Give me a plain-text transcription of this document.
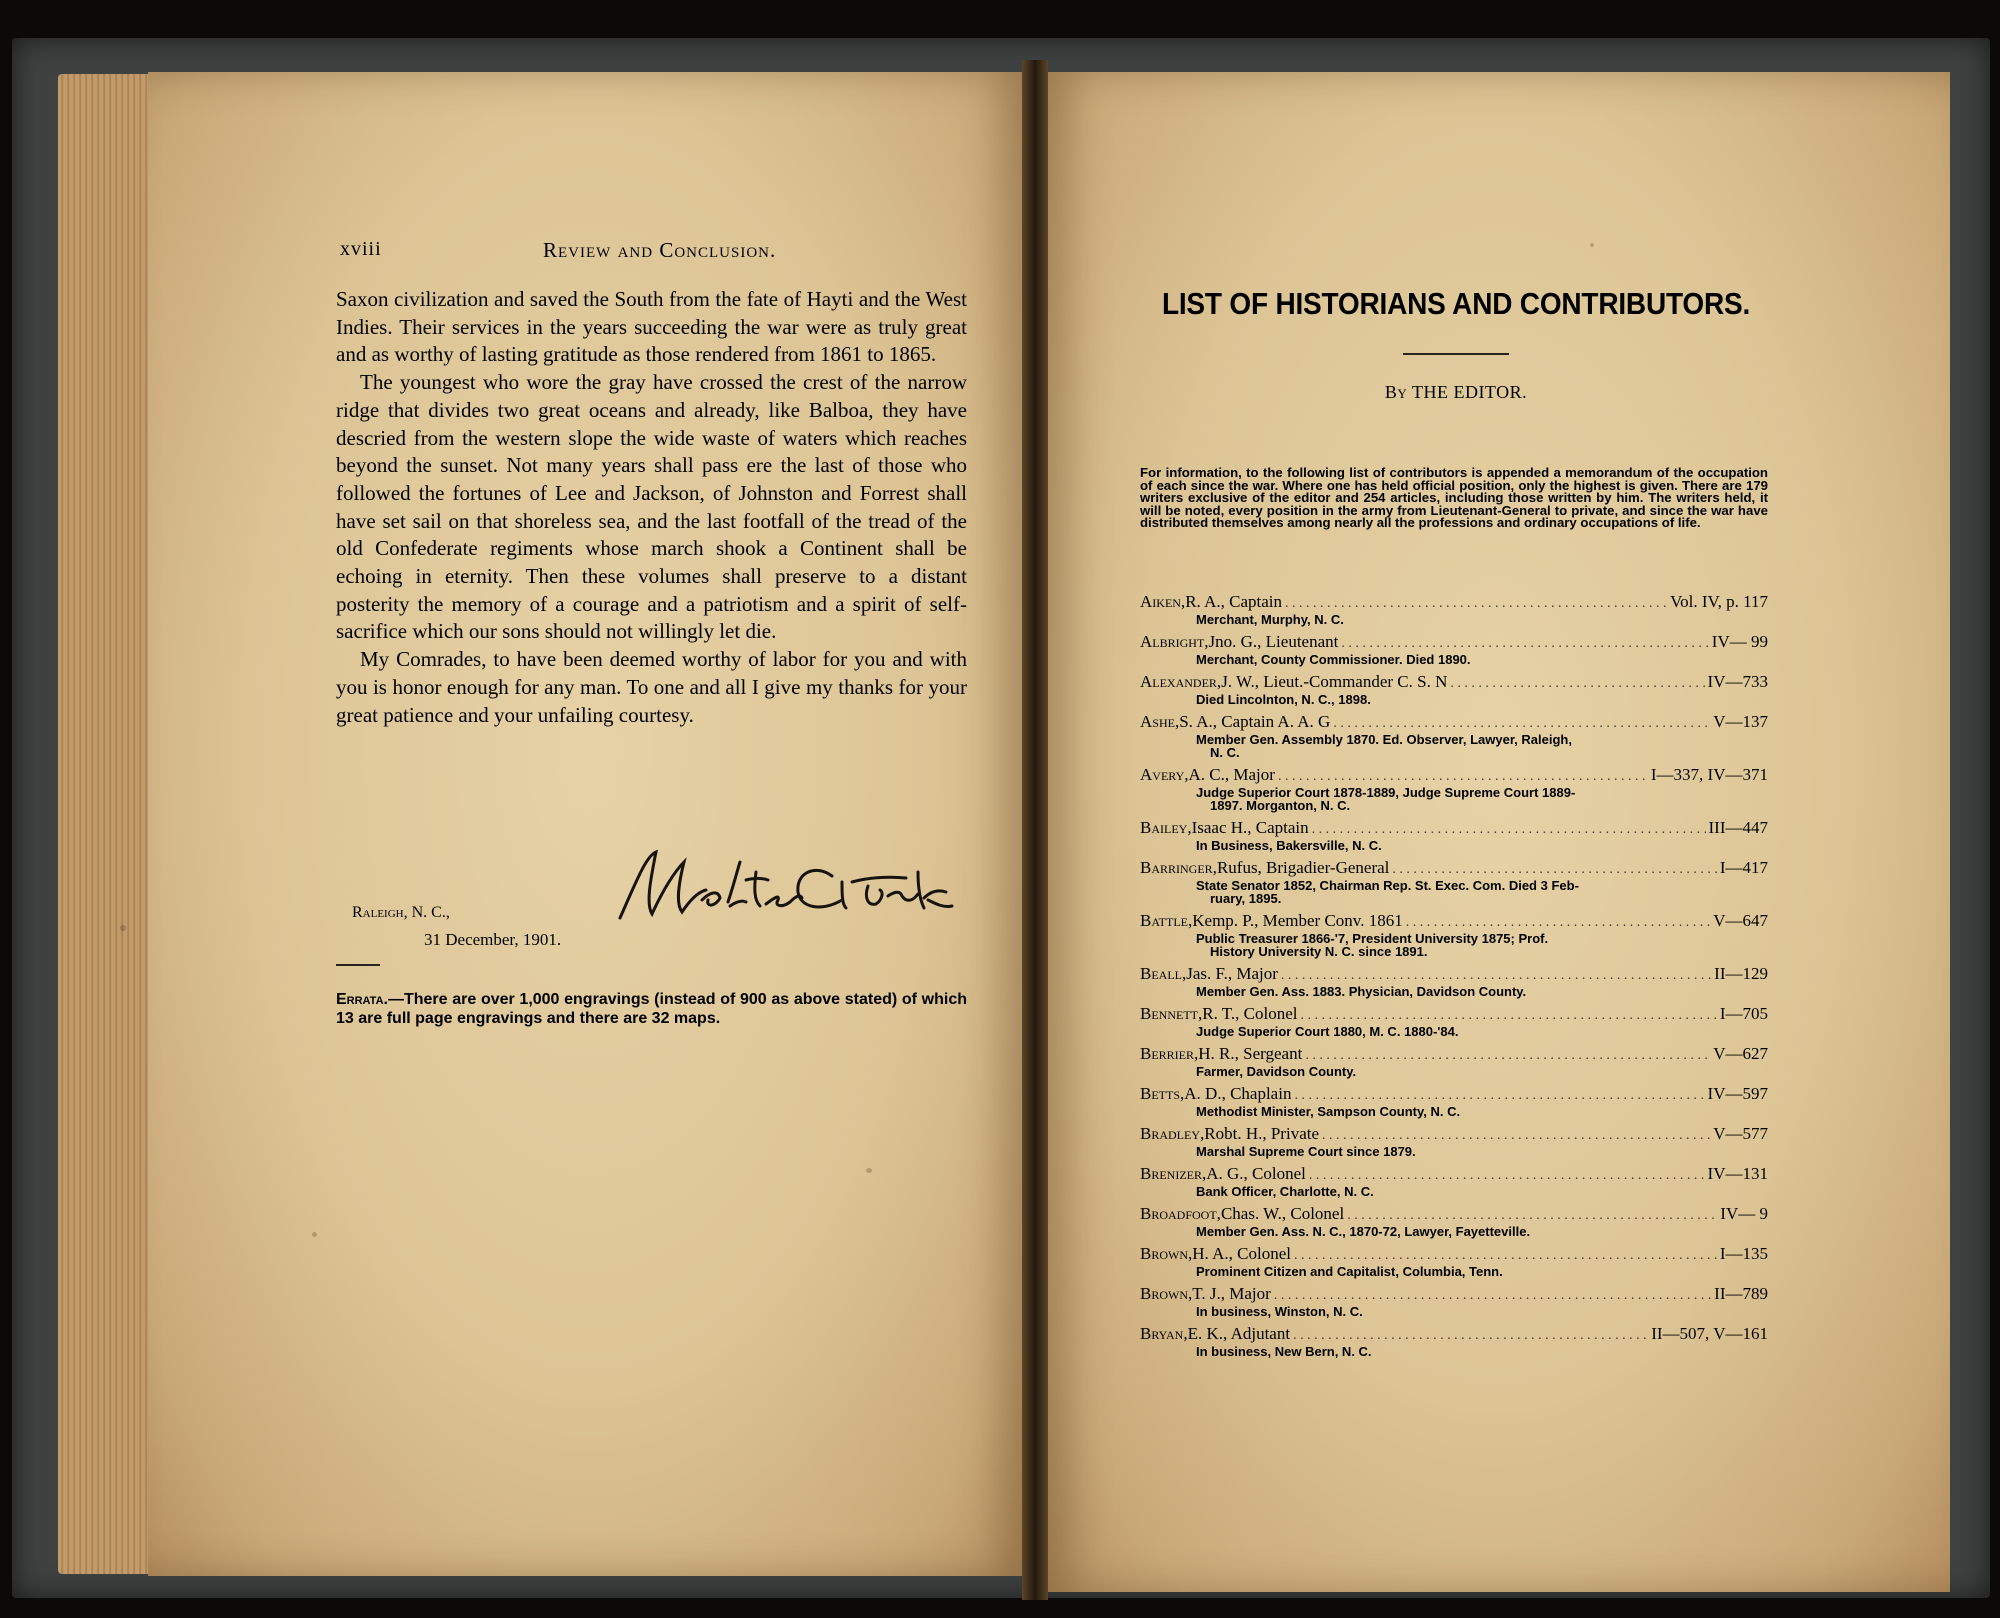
xviii	Review and Conclusion.

Saxon civilization and saved the South from the fate of Hayti and the West Indies. Their services in the years succeeding the war were as truly great and as worthy of lasting gratitude as those rendered from 1861 to 1865.

The youngest who wore the gray have crossed the crest of the narrow ridge that divides two great oceans and already, like Balboa, they have descried from the western slope the wide waste of waters which reaches beyond the sunset. Not many years shall pass ere the last of those who followed the fortunes of Lee and Jackson, of Johnston and Forrest shall have set sail on that shoreless sea, and the last footfall of the tread of the old Confederate regiments whose march shook a Continent shall be echoing in eternity. Then these volumes shall preserve to a distant posterity the memory of a courage and a patriotism and a spirit of self-sacrifice which our sons should not willingly let die.

My Comrades, to have been deemed worthy of labor for you and with you is honor enough for any man. To one and all I give my thanks for your great patience and your unfailing courtesy.

Raleigh, N. C.,
31 December, 1901.
Errata.—There are over 1,000 engravings (instead of 900 as above stated) of which 13 are full page engravings and there are 32 maps.
LIST OF HISTORIANS AND CONTRIBUTORS.
By THE EDITOR.
For information, to the following list of contributors is appended a memorandum of the occupation of each since the war. Where one has held official position, only the highest is given. There are 179 writers exclusive of the editor and 254 articles, including those written by him. The writers held, it will be noted, every position in the army from Lieutenant-General to private, and since the war have distributed themselves among nearly all the professions and ordinary occupations of life.
Aiken, R. A., Captain . . .	Vol. IV, p. 117
Merchant, Murphy, N. C.
Albright, Jno. G., Lieutenant . . .	IV— 99
Merchant, County Commissioner. Died 1890.
Alexander, J. W., Lieut.-Commander C. S. N . . .	IV—733
Died Lincolnton, N. C., 1898.
Ashe, S. A., Captain A. A. G . . .	V—137
Member Gen. Assembly 1870. Ed. Observer, Lawyer, Raleigh,
N. C.
Avery, A. C., Major . . .	I—337, IV—371
Judge Superior Court 1878-1889, Judge Supreme Court 1889-
1897. Morganton, N. C.
Bailey, Isaac H., Captain . . .	III—447
In Business, Bakersville, N. C.
Barringer, Rufus, Brigadier-General . . .	I—417
State Senator 1852, Chairman Rep. St. Exec. Com. Died 3 Feb-
ruary, 1895.
Battle, Kemp. P., Member Conv. 1861 . . .	V—647
Public Treasurer 1866-'7, President University 1875; Prof.
History University N. C. since 1891.
Beall, Jas. F., Major . . .	II—129
Member Gen. Ass. 1883. Physician, Davidson County.
Bennett, R. T., Colonel . . .	I—705
Judge Superior Court 1880, M. C. 1880-'84.
Berrier, H. R., Sergeant . . .	V—627
Farmer, Davidson County.
Betts, A. D., Chaplain . . .	IV—597
Methodist Minister, Sampson County, N. C.
Bradley, Robt. H., Private . . .	V—577
Marshal Supreme Court since 1879.
Brenizer, A. G., Colonel . . .	IV—131
Bank Officer, Charlotte, N. C.
Broadfoot, Chas. W., Colonel . . .	IV— 9
Member Gen. Ass. N. C., 1870-72, Lawyer, Fayetteville.
Brown, H. A., Colonel . . .	I—135
Prominent Citizen and Capitalist, Columbia, Tenn.
Brown, T. J., Major . . .	II—789
In business, Winston, N. C.
Bryan, E. K., Adjutant . . .	II—507, V—161
In business, New Bern, N. C.
